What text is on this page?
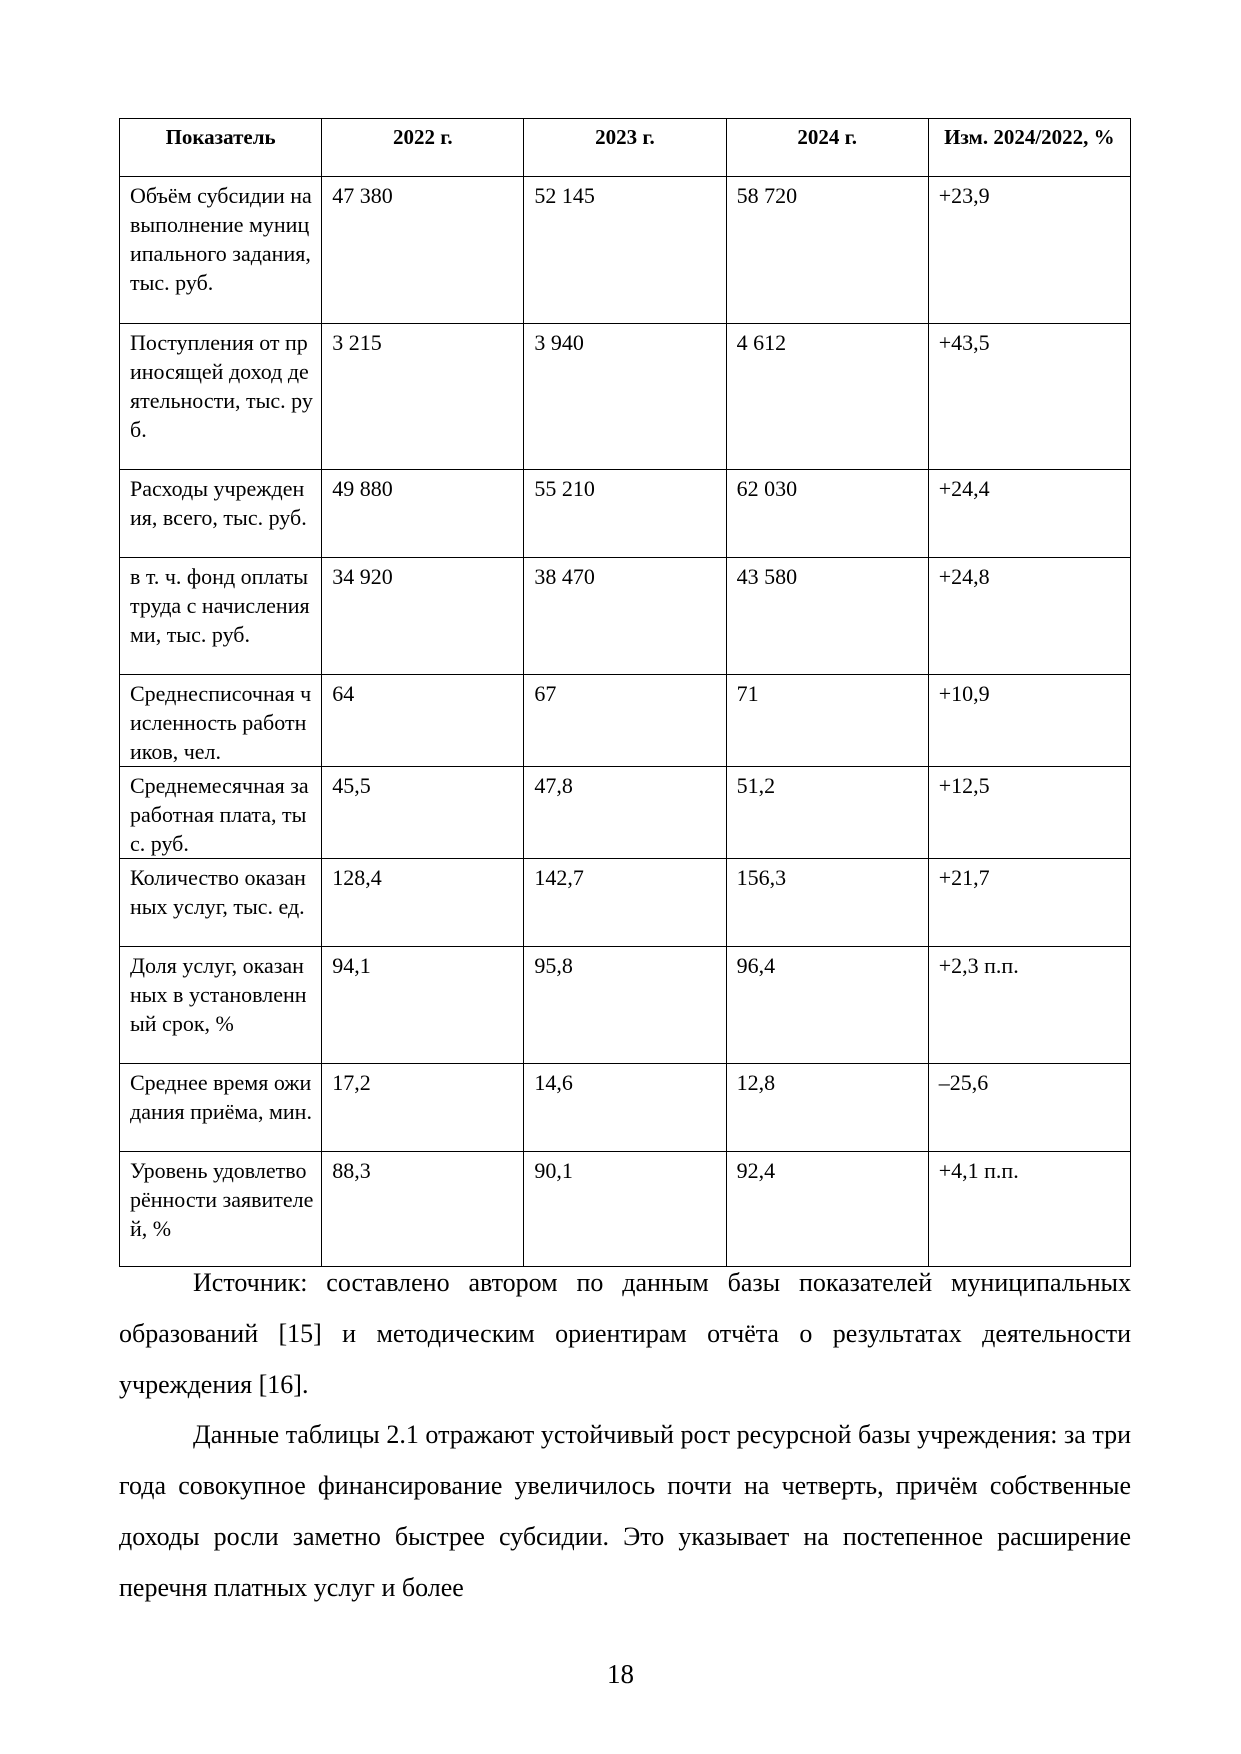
Показатель	2022 г.	2023 г.	2024 г.	Изм. 2024/2022, %
Объём субсидии на выполнение муниципального задания, тыс. руб.	47 380	52 145	58 720	+23,9
Поступления от приносящей доход деятельности, тыс. руб.	3 215	3 940	4 612	+43,5
Расходы учреждения, всего, тыс. руб.	49 880	55 210	62 030	+24,4
в т. ч. фонд оплаты труда с начислениями, тыс. руб.	34 920	38 470	43 580	+24,8
Среднесписочная численность работников, чел.	64	67	71	+10,9
Среднемесячная заработная плата, тыс. руб.	45,5	47,8	51,2	+12,5
Количество оказанных услуг, тыс. ед.	128,4	142,7	156,3	+21,7
Доля услуг, оказанных в установленный срок, %	94,1	95,8	96,4	+2,3 п.п.
Среднее время ожидания приёма, мин.	17,2	14,6	12,8	–25,6
Уровень удовлетворённости заявителей, %	88,3	90,1	92,4	+4,1 п.п.

Источник: составлено автором по данным базы показателей муниципальных образований [15] и методическим ориентирам отчёта о результатах деятельности учреждения [16].

Данные таблицы 2.1 отражают устойчивый рост ресурсной базы учреждения: за три года совокупное финансирование увеличилось почти на четверть, причём собственные доходы росли заметно быстрее субсидии. Это указывает на постепенное расширение перечня платных услуг и более

18
